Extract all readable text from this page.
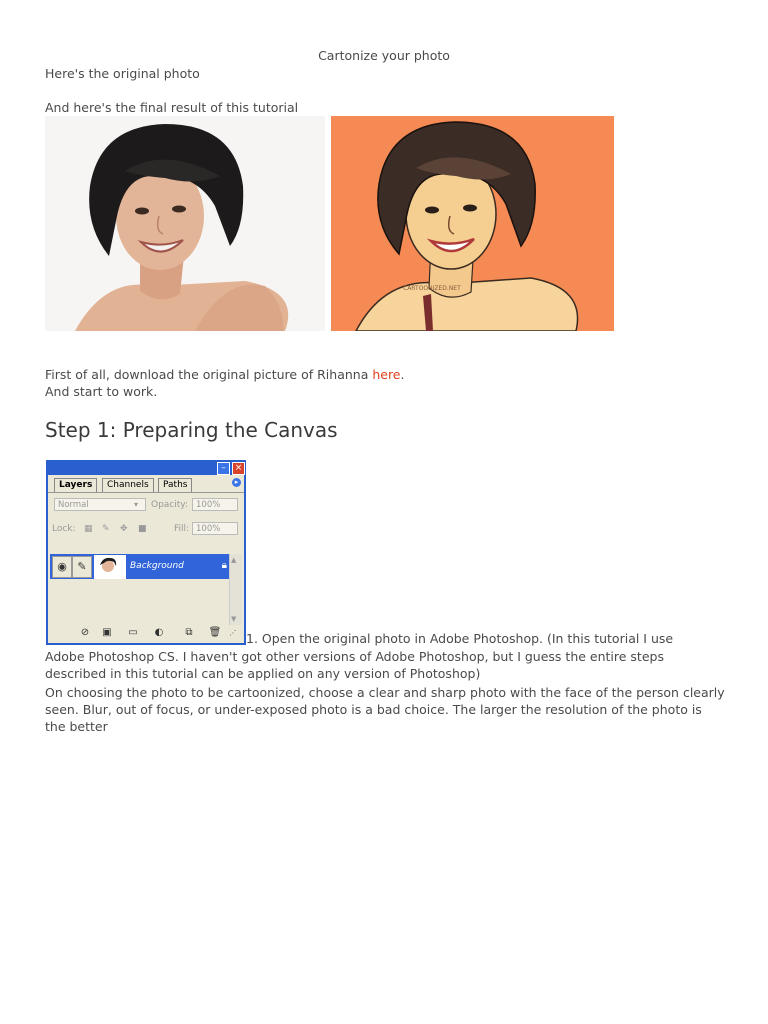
Cartonize your photo
Here's the original photo
And here's the final result of this tutorial
CARTOONIZED.NET
First of all, download the original picture of Rihanna here.
And start to work.
Step 1: Preparing the Canvas
– ×
Layers	Channels	Paths	▸
Normal	▾ Opacity: 100%
Lock: ▦ ✎ ✥ ■	Fill: 100%
◉ ✎	Background	🔒︎ ▲
▼
⊘ ▣ ▭ ◐	⧉	🗑︎	⋰ 1. Open the original photo in Adobe Photoshop. (In this tutorial I use
Adobe Photoshop CS. I haven't got other versions of Adobe Photoshop, but I guess the entire steps described in this tutorial can be applied on any version of Photoshop)
On choosing the photo to be cartoonized, choose a clear and sharp photo with the face of the person clearly seen. Blur, out of focus, or under-exposed photo is a bad choice. The larger the resolution of the photo is the better
